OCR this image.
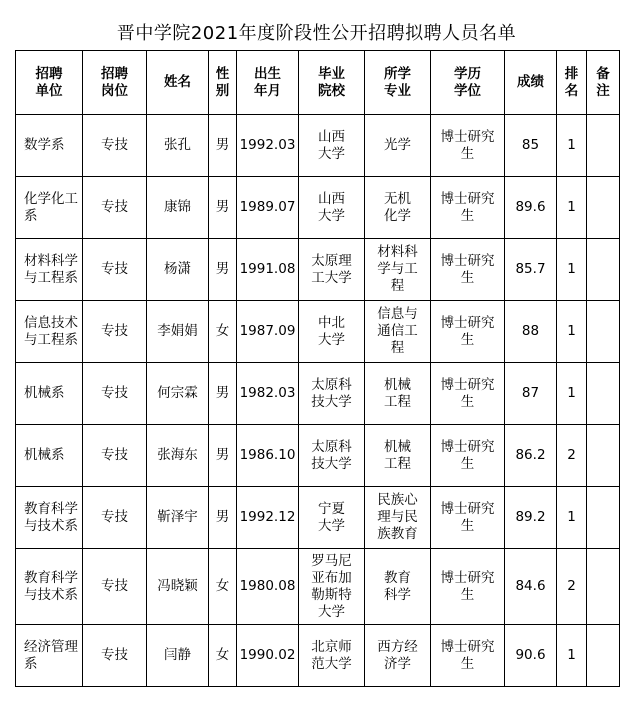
晋中学院2021年度阶段性公开招聘拟聘人员名单
招聘单位	招聘岗位	姓名	性别	出生年月	毕业院校	所学专业	学历学位	成绩	排名	备注
数学系	专技	张孔	男	1992.03	山西大学	光学	博士研究生	85	1	
化学化工系	专技	康锦	男	1989.07	山西大学	无机化学	博士研究生	89.6	1	
材料科学与工程系	专技	杨潇	男	1991.08	太原理工大学	材料科学与工程	博士研究生	85.7	1	
信息技术与工程系	专技	李娟娟	女	1987.09	中北大学	信息与通信工程	博士研究生	88	1	
机械系	专技	何宗霖	男	1982.03	太原科技大学	机械工程	博士研究生	87	1	
机械系	专技	张海东	男	1986.10	太原科技大学	机械工程	博士研究生	86.2	2	
教育科学与技术系	专技	靳泽宇	男	1992.12	宁夏大学	民族心理与民族教育	博士研究生	89.2	1	
教育科学与技术系	专技	冯晓颖	女	1980.08	罗马尼亚布加勒斯特大学	教育科学	博士研究生	84.6	2	
经济管理系	专技	闫静	女	1990.02	北京师范大学	西方经济学	博士研究生	90.6	1	
